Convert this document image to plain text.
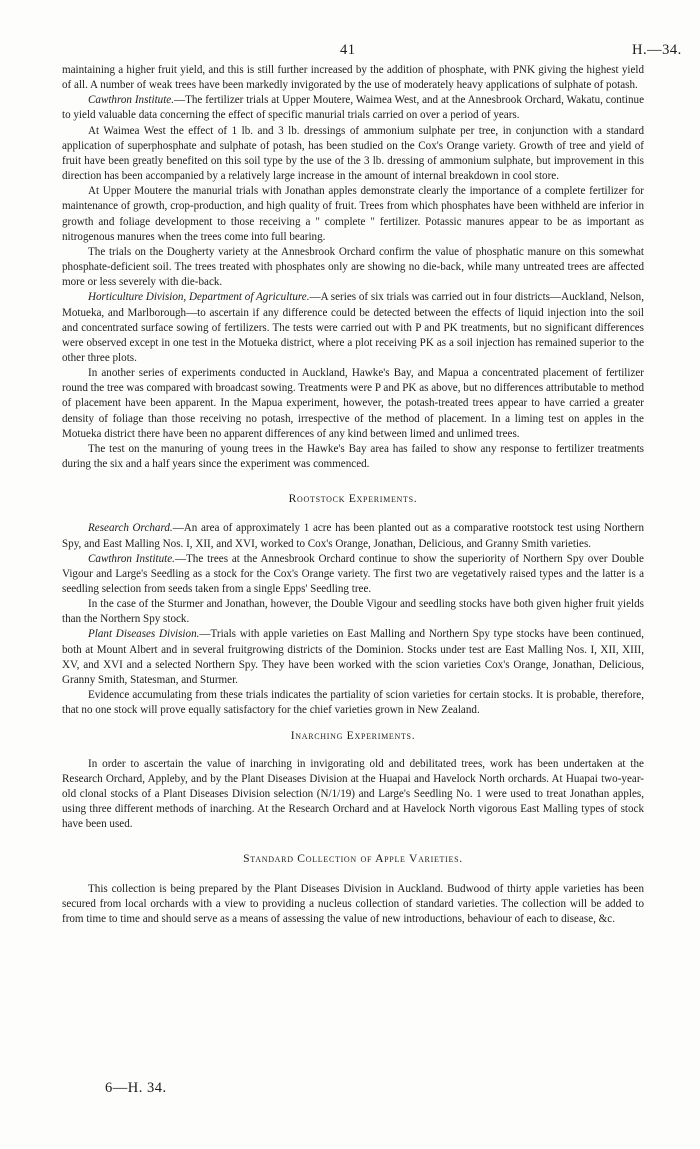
41	H.—34.

maintaining a higher fruit yield, and this is still further increased by the addition of phosphate, with PNK giving the highest yield of all. A number of weak trees have been markedly invigorated by the use of moderately heavy applications of sulphate of potash.

Cawthron Institute.—The fertilizer trials at Upper Moutere, Waimea West, and at the Annesbrook Orchard, Wakatu, continue to yield valuable data concerning the effect of specific manurial trials carried on over a period of years.

At Waimea West the effect of 1 lb. and 3 lb. dressings of ammonium sulphate per tree, in conjunction with a standard application of superphosphate and sulphate of potash, has been studied on the Cox's Orange variety. Growth of tree and yield of fruit have been greatly benefited on this soil type by the use of the 3 lb. dressing of ammonium sulphate, but improvement in this direction has been accompanied by a relatively large increase in the amount of internal breakdown in cool store.

At Upper Moutere the manurial trials with Jonathan apples demonstrate clearly the importance of a complete fertilizer for maintenance of growth, crop-production, and high quality of fruit. Trees from which phosphates have been withheld are inferior in growth and foliage development to those receiving a " complete " fertilizer. Potassic manures appear to be as important as nitrogenous manures when the trees come into full bearing.

The trials on the Dougherty variety at the Annesbrook Orchard confirm the value of phosphatic manure on this somewhat phosphate-deficient soil. The trees treated with phosphates only are showing no die-back, while many untreated trees are affected more or less severely with die-back.

Horticulture Division, Department of Agriculture.—A series of six trials was carried out in four districts—Auckland, Nelson, Motueka, and Marlborough—to ascertain if any difference could be detected between the effects of liquid injection into the soil and concentrated surface sowing of fertilizers. The tests were carried out with P and PK treatments, but no significant differences were observed except in one test in the Motueka district, where a plot receiving PK as a soil injection has remained superior to the other three plots.

In another series of experiments conducted in Auckland, Hawke's Bay, and Mapua a concentrated placement of fertilizer round the tree was compared with broadcast sowing. Treatments were P and PK as above, but no differences attributable to method of placement have been apparent. In the Mapua experiment, however, the potash-treated trees appear to have carried a greater density of foliage than those receiving no potash, irrespective of the method of placement. In a liming test on apples in the Motueka district there have been no apparent differences of any kind between limed and unlimed trees.

The test on the manuring of young trees in the Hawke's Bay area has failed to show any response to fertilizer treatments during the six and a half years since the experiment was commenced.

Rootstock Experiments.

Research Orchard.—An area of approximately 1 acre has been planted out as a comparative rootstock test using Northern Spy, and East Malling Nos. I, XII, and XVI, worked to Cox's Orange, Jonathan, Delicious, and Granny Smith varieties.

Cawthron Institute.—The trees at the Annesbrook Orchard continue to show the superiority of Northern Spy over Double Vigour and Large's Seedling as a stock for the Cox's Orange variety. The first two are vegetatively raised types and the latter is a seedling selection from seeds taken from a single Epps' Seedling tree.

In the case of the Sturmer and Jonathan, however, the Double Vigour and seedling stocks have both given higher fruit yields than the Northern Spy stock.

Plant Diseases Division.—Trials with apple varieties on East Malling and Northern Spy type stocks have been continued, both at Mount Albert and in several fruitgrowing districts of the Dominion. Stocks under test are East Malling Nos. I, XII, XIII, XV, and XVI and a selected Northern Spy. They have been worked with the scion varieties Cox's Orange, Jonathan, Delicious, Granny Smith, Statesman, and Sturmer.

Evidence accumulating from these trials indicates the partiality of scion varieties for certain stocks. It is probable, therefore, that no one stock will prove equally satisfactory for the chief varieties grown in New Zealand.

Inarching Experiments.

In order to ascertain the value of inarching in invigorating old and debilitated trees, work has been undertaken at the Research Orchard, Appleby, and by the Plant Diseases Division at the Huapai and Havelock North orchards. At Huapai two-year-old clonal stocks of a Plant Diseases Division selection (N/1/19) and Large's Seedling No. 1 were used to treat Jonathan apples, using three different methods of inarching. At the Research Orchard and at Havelock North vigorous East Malling types of stock have been used.

Standard Collection of Apple Varieties.

This collection is being prepared by the Plant Diseases Division in Auckland. Budwood of thirty apple varieties has been secured from local orchards with a view to providing a nucleus collection of standard varieties. The collection will be added to from time to time and should serve as a means of assessing the value of new introductions, behaviour of each to disease, &c.

6—H. 34.
